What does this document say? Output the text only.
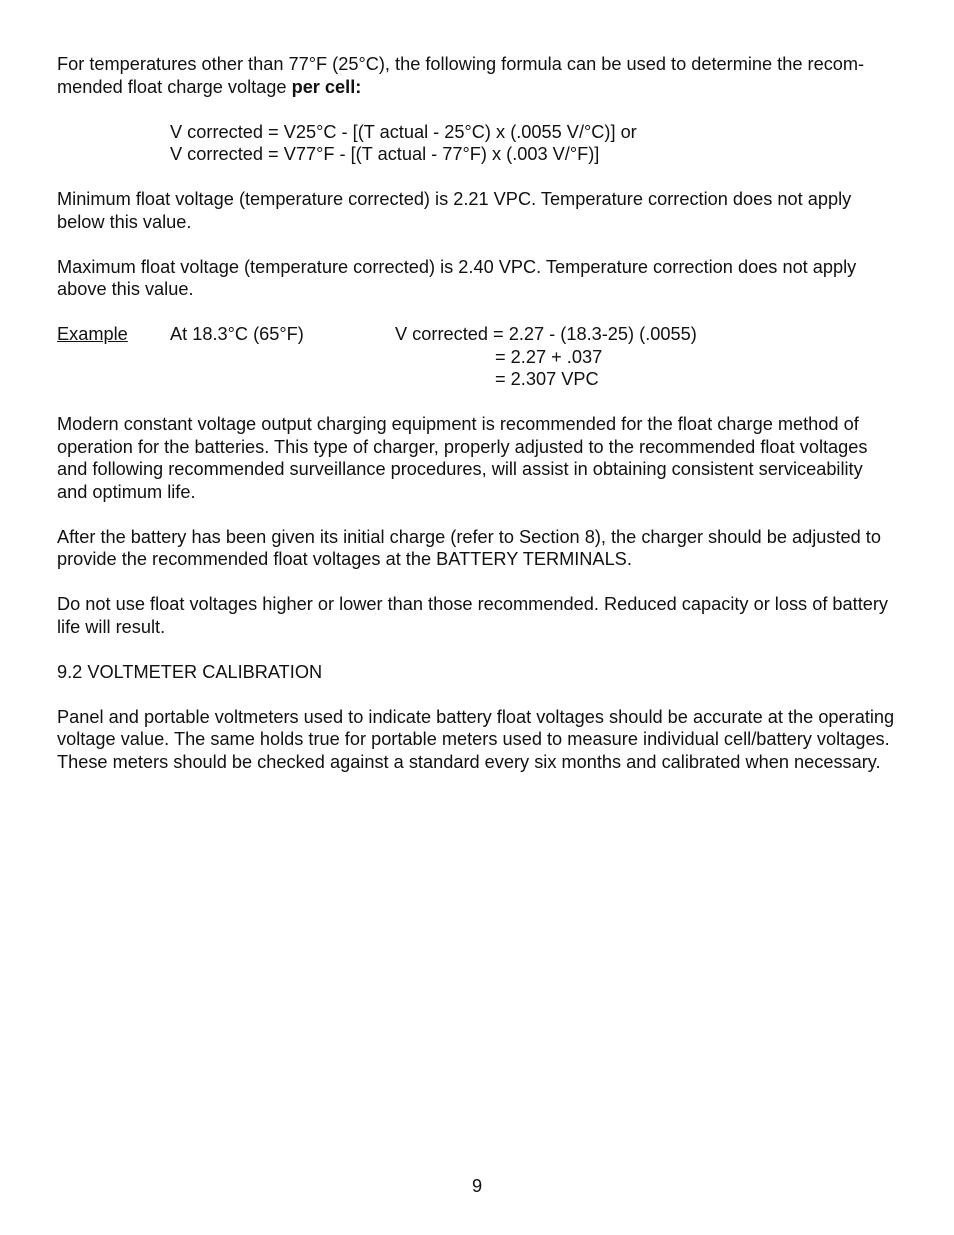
For temperatures other than 77°F (25°C), the following formula can be used to determine the recom-
mended float charge voltage per cell:

V corrected = V25°C - [(T actual - 25°C) x (.0055 V/°C)] or
V corrected = V77°F - [(T actual - 77°F) x (.003 V/°F)]

Minimum float voltage (temperature corrected) is 2.21 VPC. Temperature correction does not apply below this value.

Maximum float voltage (temperature corrected) is 2.40 VPC. Temperature correction does not apply above this value.

Example At 18.3°C (65°F)	V corrected = 2.27 - (18.3-25) (.0055)
= 2.27 + .037
= 2.307 VPC

Modern constant voltage output charging equipment is recommended for the float charge method of operation for the batteries. This type of charger, properly adjusted to the recommended float voltages and following recommended surveillance procedures, will assist in obtaining consistent serviceability and optimum life.

After the battery has been given its initial charge (refer to Section 8), the charger should be adjusted to provide the recommended float voltages at the BATTERY TERMINALS.

Do not use float voltages higher or lower than those recommended. Reduced capacity or loss of battery life will result.

9.2 VOLTMETER CALIBRATION

Panel and portable voltmeters used to indicate battery float voltages should be accurate at the operating voltage value. The same holds true for portable meters used to measure individual cell/battery voltages. These meters should be checked against a standard every six months and calibrated when necessary.

9
